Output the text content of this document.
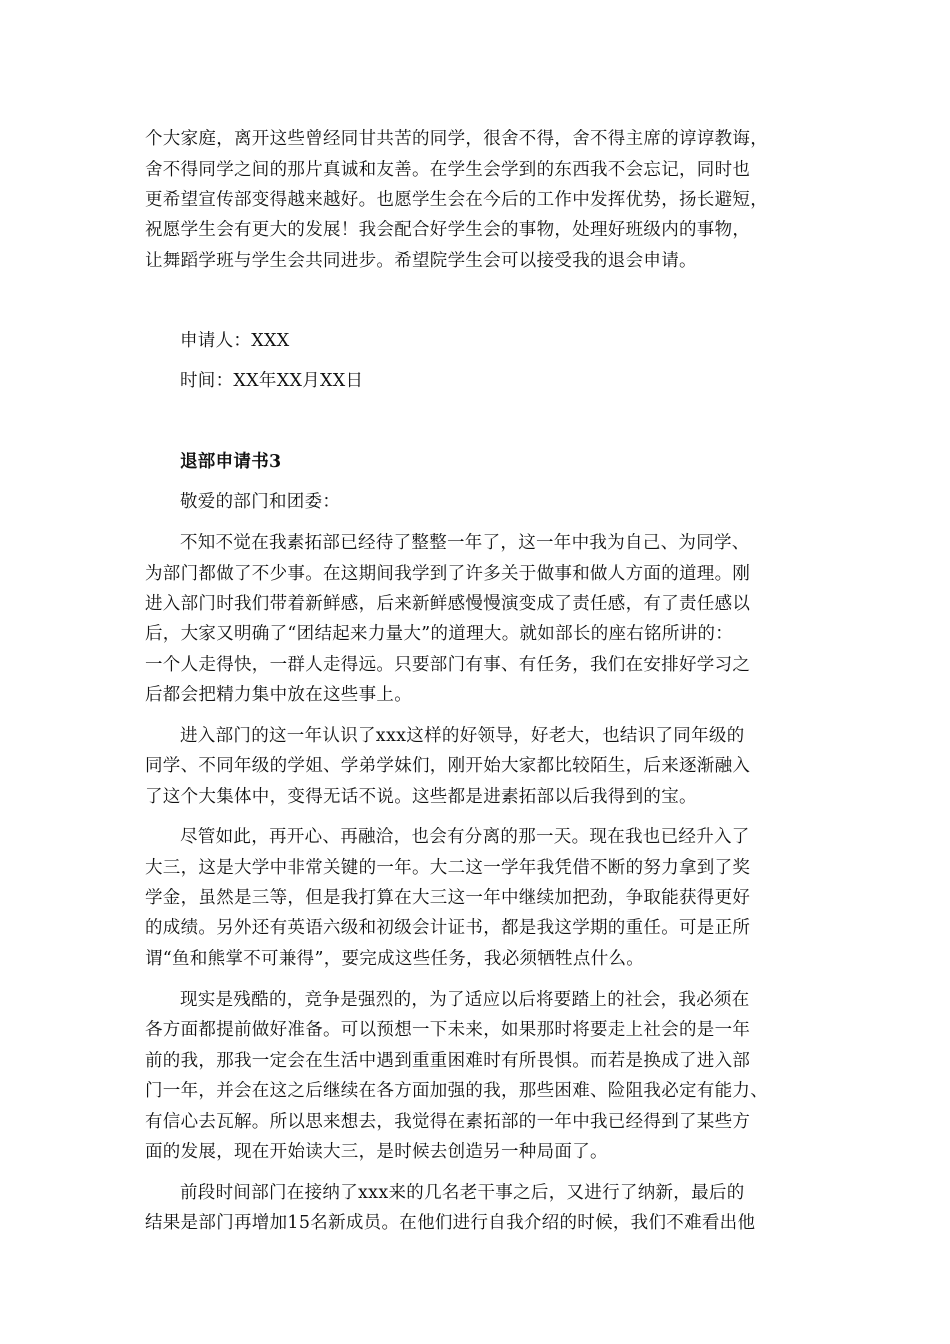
个大家庭，离开这些曾经同甘共苦的同学，很舍不得，舍不得主席的谆谆教诲，
舍不得同学之间的那片真诚和友善。在学生会学到的东西我不会忘记，同时也
更希望宣传部变得越来越好。也愿学生会在今后的工作中发挥优势，扬长避短，
祝愿学生会有更大的发展！我会配合好学生会的事物，处理好班级内的事物，
让舞蹈学班与学生会共同进步。希望院学生会可以接受我的退会申请。
申请人：XXX
时间：XX年XX月XX日
退部申请书3
敬爱的部门和团委：
不知不觉在我素拓部已经待了整整一年了，这一年中我为自己、为同学、
为部门都做了不少事。在这期间我学到了许多关于做事和做人方面的道理。刚
进入部门时我们带着新鲜感，后来新鲜感慢慢演变成了责任感，有了责任感以
后，大家又明确了“团结起来力量大”的道理大。就如部长的座右铭所讲的：
一个人走得快，一群人走得远。只要部门有事、有任务，我们在安排好学习之
后都会把精力集中放在这些事上。
进入部门的这一年认识了xxx这样的好领导，好老大，也结识了同年级的
同学、不同年级的学姐、学弟学妹们，刚开始大家都比较陌生，后来逐渐融入
了这个大集体中，变得无话不说。这些都是进素拓部以后我得到的宝。
尽管如此，再开心、再融洽，也会有分离的那一天。现在我也已经升入了
大三，这是大学中非常关键的一年。大二这一学年我凭借不断的努力拿到了奖
学金，虽然是三等，但是我打算在大三这一年中继续加把劲，争取能获得更好
的成绩。另外还有英语六级和初级会计证书，都是我这学期的重任。可是正所
谓“鱼和熊掌不可兼得”，要完成这些任务，我必须牺牲点什么。
现实是残酷的，竞争是强烈的，为了适应以后将要踏上的社会，我必须在
各方面都提前做好准备。可以预想一下未来，如果那时将要走上社会的是一年
前的我，那我一定会在生活中遇到重重困难时有所畏惧。而若是换成了进入部
门一年，并会在这之后继续在各方面加强的我，那些困难、险阻我必定有能力、
有信心去瓦解。所以思来想去，我觉得在素拓部的一年中我已经得到了某些方
面的发展，现在开始读大三，是时候去创造另一种局面了。
前段时间部门在接纳了xxx来的几名老干事之后，又进行了纳新，最后的
结果是部门再增加15名新成员。在他们进行自我介绍的时候，我们不难看出他
